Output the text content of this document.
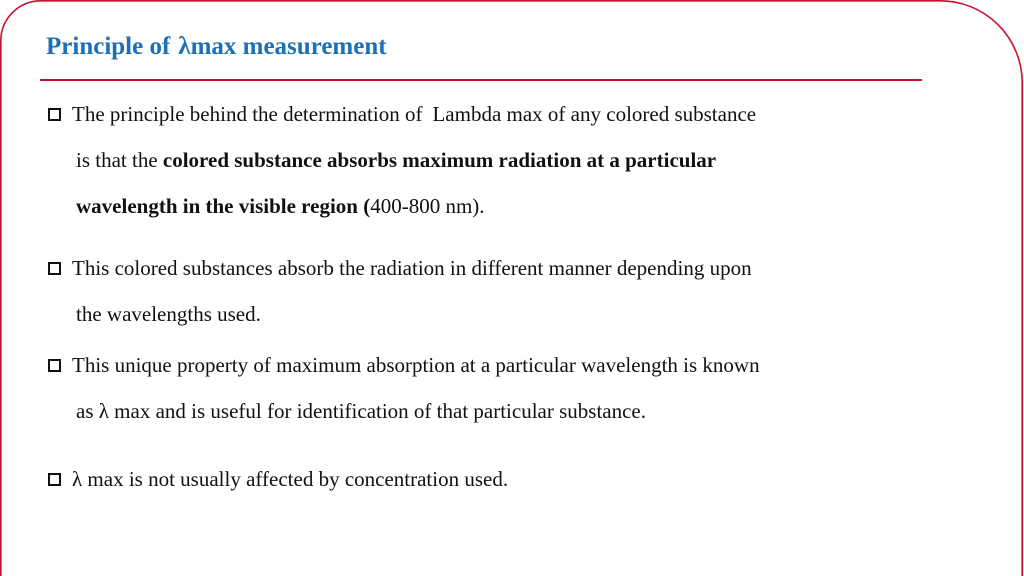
Principle of λmax measurement
The principle behind the determination of Lambda max of any colored substance
is that the colored substance absorbs maximum radiation at a particular
wavelength in the visible region (400-800 nm).
This colored substances absorb the radiation in different manner depending upon
the wavelengths used.
This unique property of maximum absorption at a particular wavelength is known
as λ max and is useful for identification of that particular substance.
λ max is not usually affected by concentration used.
